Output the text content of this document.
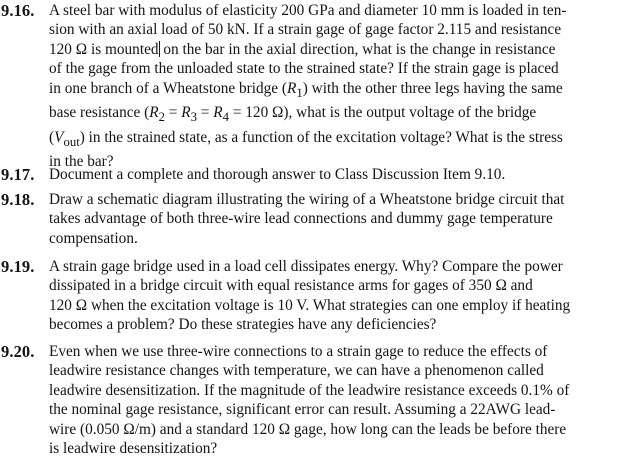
9.16. A steel bar with modulus of elasticity 200 GPa and diameter 10 mm is loaded in ten-
sion with an axial load of 50 kN. If a strain gage of gage factor 2.115 and resistance
120 Ω is mounted on the bar in the axial direction, what is the change in resistance
of the gage from the unloaded state to the strained state? If the strain gage is placed
in one branch of a Wheatstone bridge $(R_1)$ with the other three legs having the same
base resistance ($R_2 = R_3 = R_4 = 120$ Ω), what is the output voltage of the bridge
$(V_{out})$ in the strained state, as a function of the excitation voltage? What is the stress
in the bar?
9.17. Document a complete and thorough answer to Class Discussion Item 9.10.
9.18. Draw a schematic diagram illustrating the wiring of a Wheatstone bridge circuit that
takes advantage of both three-wire lead connections and dummy gage temperature
compensation.
9.19. A strain gage bridge used in a load cell dissipates energy. Why? Compare the power
dissipated in a bridge circuit with equal resistance arms for gages of 350 Ω and
120 Ω when the excitation voltage is 10 V. What strategies can one employ if heating
becomes a problem? Do these strategies have any deficiencies?
9.20. Even when we use three-wire connections to a strain gage to reduce the effects of
leadwire resistance changes with temperature, we can have a phenomenon called
leadwire desensitization. If the magnitude of the leadwire resistance exceeds 0.1% of
the nominal gage resistance, significant error can result. Assuming a 22AWG lead-
wire (0.050 Ω/m) and a standard 120 Ω gage, how long can the leads be before there
is leadwire desensitization?
